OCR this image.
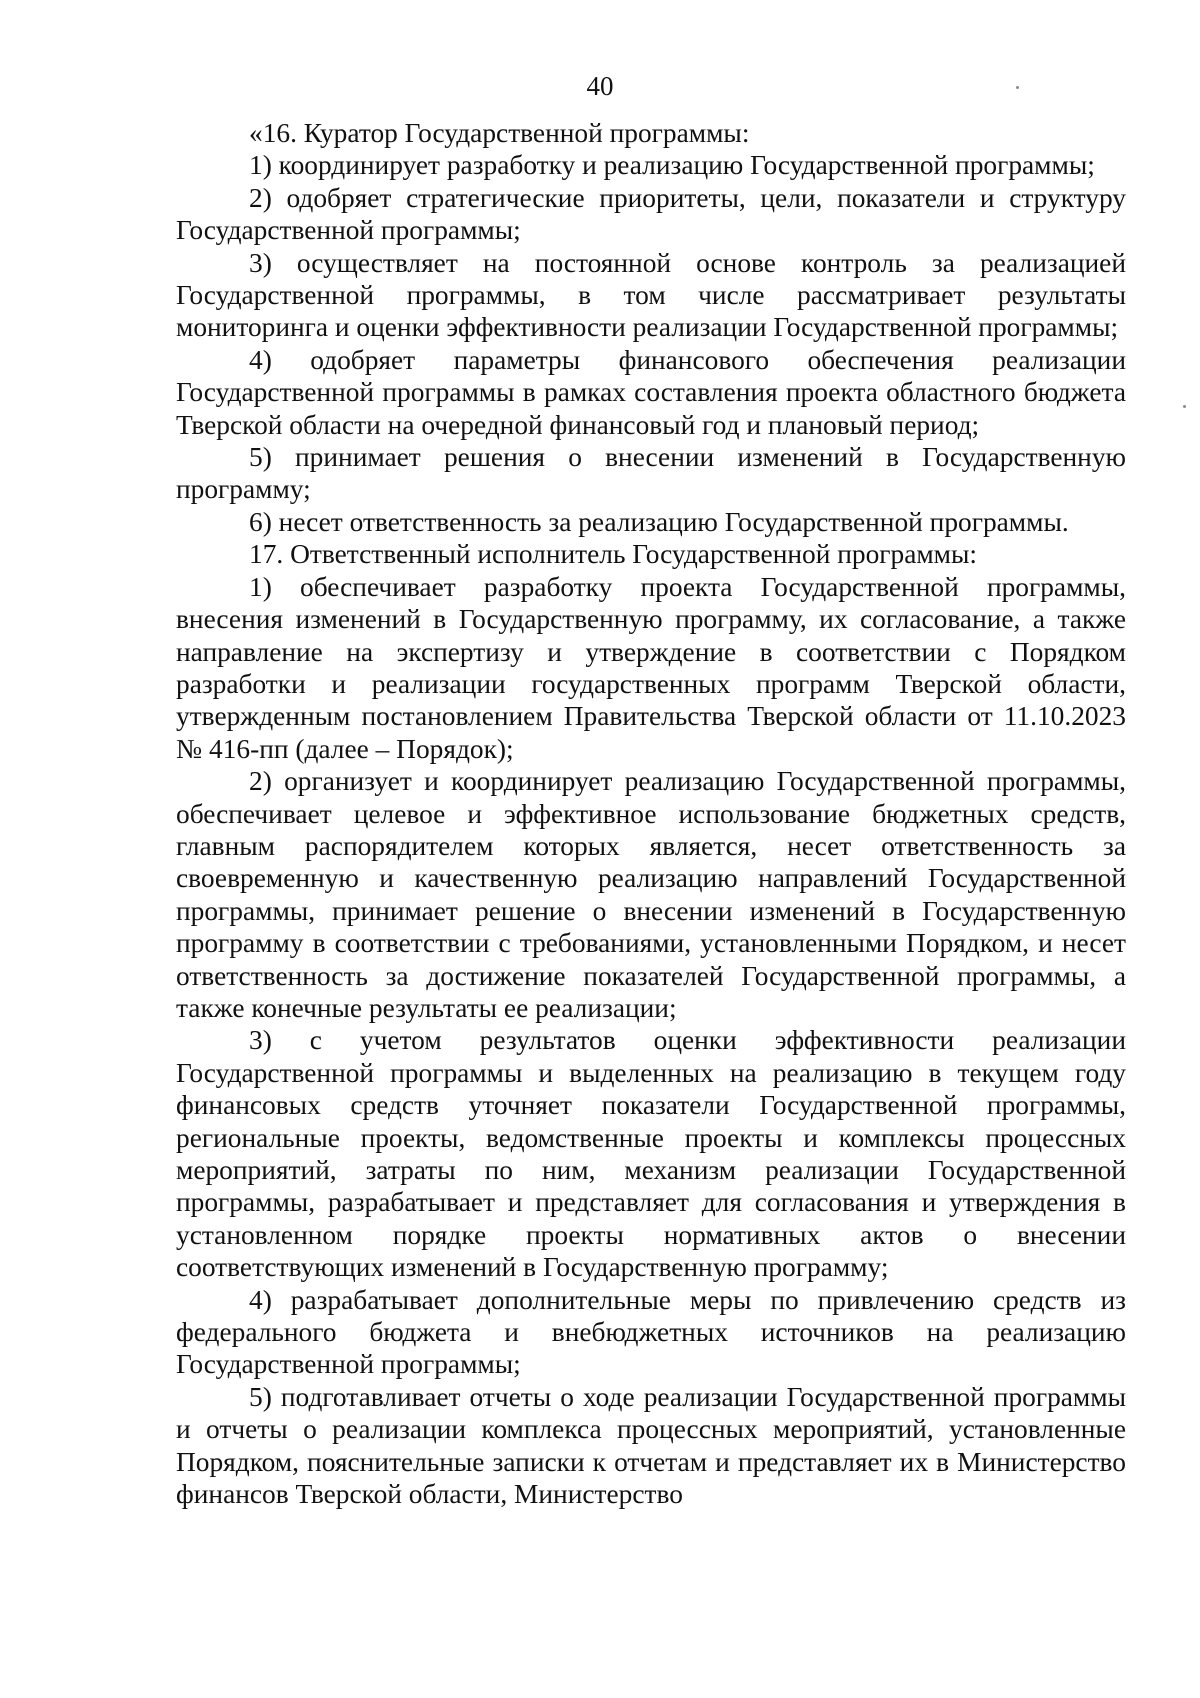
40

«16. Куратор Государственной программы:

1) координирует разработку и реализацию Государственной программы;

2) одобряет стратегические приоритеты, цели, показатели и структуру Государственной программы;

3) осуществляет на постоянной основе контроль за реализацией Государственной программы, в том числе рассматривает результаты мониторинга и оценки эффективности реализации Государственной программы;

4) одобряет параметры финансового обеспечения реализации Государственной программы в рамках составления проекта областного бюджета Тверской области на очередной финансовый год и плановый период;

5) принимает решения о внесении изменений в Государственную программу;

6) несет ответственность за реализацию Государственной программы.

17. Ответственный исполнитель Государственной программы:

1) обеспечивает разработку проекта Государственной программы, внесения изменений в Государственную программу, их согласование, а также направление на экспертизу и утверждение в соответствии с Порядком разработки и реализации государственных программ Тверской области, утвержденным постановлением Правительства Тверской области от 11.10.2023 № 416-пп (далее – Порядок);

2) организует и координирует реализацию Государственной программы, обеспечивает целевое и эффективное использование бюджетных средств, главным распорядителем которых является, несет ответственность за своевременную и качественную реализацию направлений Государственной программы, принимает решение о внесении изменений в Государственную программу в соответствии с требованиями, установленными Порядком, и несет ответственность за достижение показателей Государственной программы, а также конечные результаты ее реализации;

3) с учетом результатов оценки эффективности реализации Государственной программы и выделенных на реализацию в текущем году финансовых средств уточняет показатели Государственной программы, региональные проекты, ведомственные проекты и комплексы процессных мероприятий, затраты по ним, механизм реализации Государственной программы, разрабатывает и представляет для согласования и утверждения в установленном порядке проекты нормативных актов о внесении соответствующих изменений в Государственную программу;

4) разрабатывает дополнительные меры по привлечению средств из федерального бюджета и внебюджетных источников на реализацию Государственной программы;

5) подготавливает отчеты о ходе реализации Государственной программы и отчеты о реализации комплекса процессных мероприятий, установленные Порядком, пояснительные записки к отчетам и представляет их в Министерство финансов Тверской области, Министерство
